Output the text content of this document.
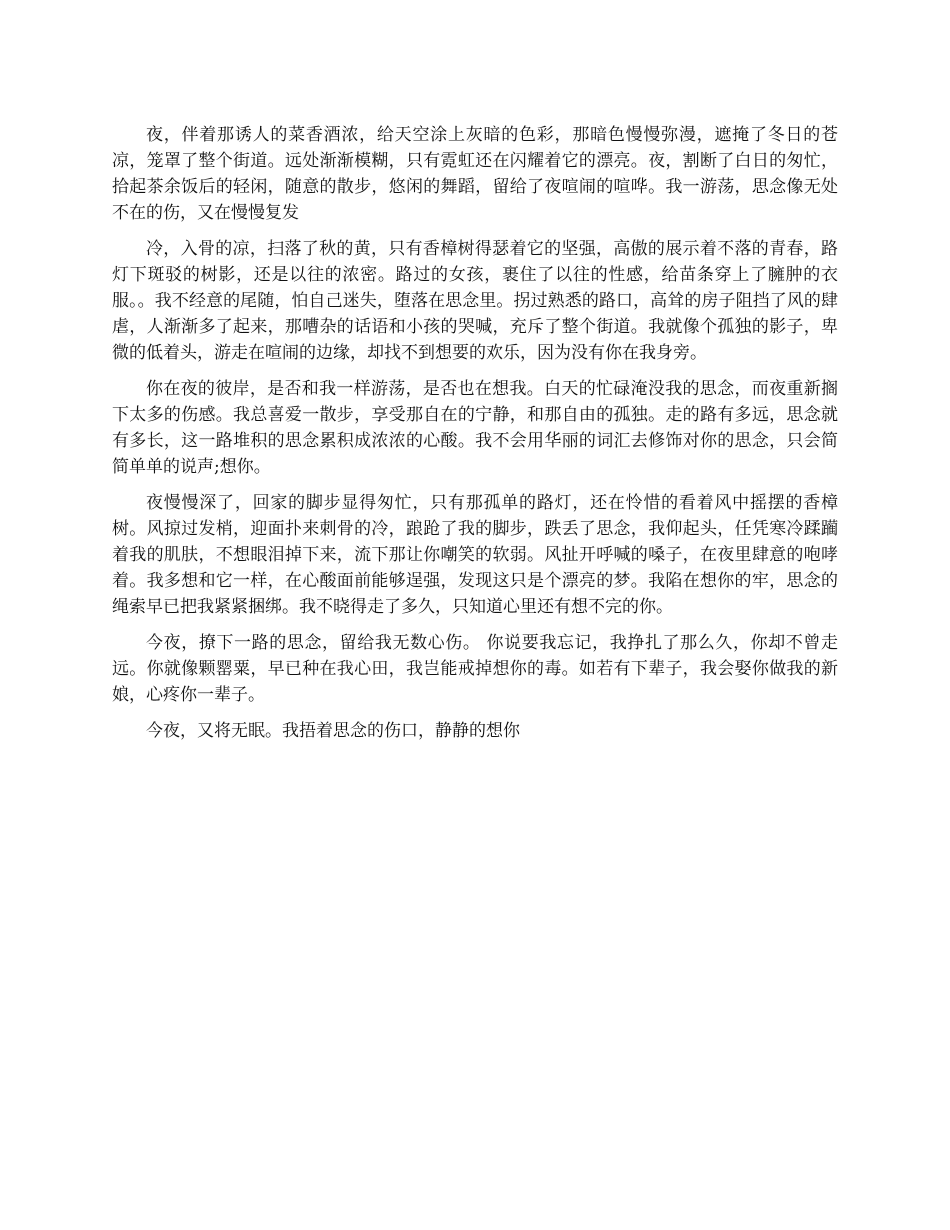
夜，伴着那诱人的菜香酒浓，给天空涂上灰暗的色彩，那暗色慢慢弥漫，遮掩了冬日的苍凉，笼罩了整个街道。远处渐渐模糊，只有霓虹还在闪耀着它的漂亮。夜，割断了白日的匆忙，拾起茶余饭后的轻闲，随意的散步，悠闲的舞蹈，留给了夜喧闹的喧哗。我一游荡，思念像无处不在的伤，又在慢慢复发

冷，入骨的凉，扫落了秋的黄，只有香樟树得瑟着它的坚强，高傲的展示着不落的青春，路灯下斑驳的树影，还是以往的浓密。路过的女孩，裹住了以往的性感，给苗条穿上了臃肿的衣服。。我不经意的尾随，怕自己迷失，堕落在思念里。拐过熟悉的路口，高耸的房子阻挡了风的肆虐，人渐渐多了起来，那嘈杂的话语和小孩的哭喊，充斥了整个街道。我就像个孤独的影子，卑微的低着头，游走在喧闹的边缘，却找不到想要的欢乐，因为没有你在我身旁。

你在夜的彼岸，是否和我一样游荡，是否也在想我。白天的忙碌淹没我的思念，而夜重新搁下太多的伤感。我总喜爱一散步，享受那自在的宁静，和那自由的孤独。走的路有多远，思念就有多长，这一路堆积的思念累积成浓浓的心酸。我不会用华丽的词汇去修饰对你的思念，只会简简单单的说声;想你。

夜慢慢深了，回家的脚步显得匆忙，只有那孤单的路灯，还在怜惜的看着风中摇摆的香樟树。风掠过发梢，迎面扑来刺骨的冷，踉跄了我的脚步，跌丢了思念，我仰起头，任凭寒冷蹂躏着我的肌肤，不想眼泪掉下来，流下那让你嘲笑的软弱。风扯开呼喊的嗓子，在夜里肆意的咆哮着。我多想和它一样，在心酸面前能够逞强，发现这只是个漂亮的梦。我陷在想你的牢，思念的绳索早已把我紧紧捆绑。我不晓得走了多久，只知道心里还有想不完的你。

今夜，撩下一路的思念，留给我无数心伤。 你说要我忘记，我挣扎了那么久，你却不曾走远。你就像颗罂粟，早已种在我心田，我岂能戒掉想你的毒。如若有下辈子，我会娶你做我的新娘，心疼你一辈子。

今夜，又将无眠。我捂着思念的伤口，静静的想你
